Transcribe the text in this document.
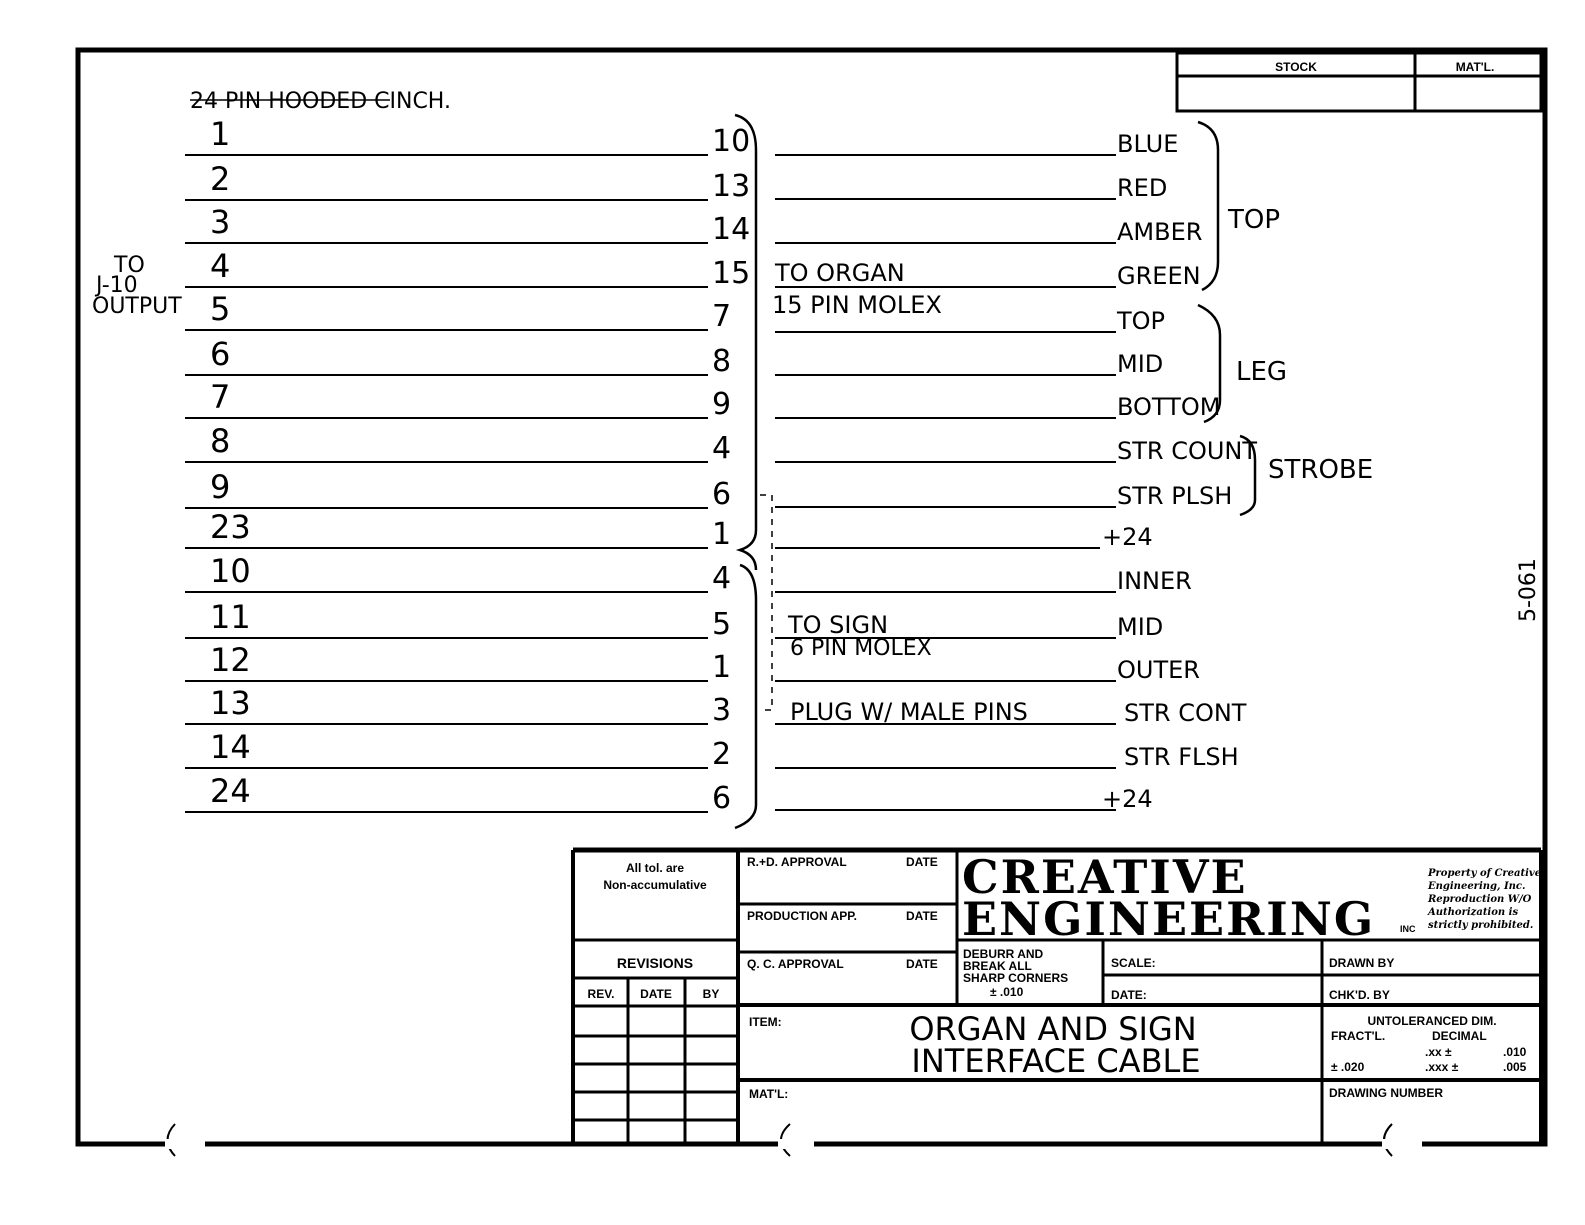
STOCK	MAT'L.
24 PIN HOODED CINCH.
TO
J-10
OUTPUT
1	10	BLUE
2	13	RED
3	14	AMBER
4	15	GREEN
5	7	TOP
6	8	MID
7	9	BOTTOM
8	4	STR COUNT
9	6	STR PLSH
23	1	+24
10	4	INNER
11	5	MID
12	1	OUTER
13	3	STR CONT
14	2	STR FLSH
24	6	+24
TO ORGAN
15 PIN MOLEX
TO SIGN
6 PIN MOLEX
PLUG W/ MALE PINS
TOP
LEG
STROBE
5-061
All tol. are
Non-accumulative
REVISIONS
REV. DATE	BY
R.+D. APPROVAL	DATE
PRODUCTION APP.	DATE
Q. C. APPROVAL	DATE
CREATIVE
ENGINEERING	INC
Property of Creative
Engineering, Inc.
Reproduction W/O
Authorization is
strictly prohibited.
DEBURR AND
BREAK ALL
SHARP CORNERS
± .010
SCALE:
DATE:
DRAWN BY
CHK'D. BY
ITEM:	ORGAN AND SIGN
INTERFACE CABLE
UNTOLERANCED DIM.
FRACT'L.	DECIMAL
.xx ±	.010
± .020	.xxx ±	.005
MAT'L:	DRAWING NUMBER
